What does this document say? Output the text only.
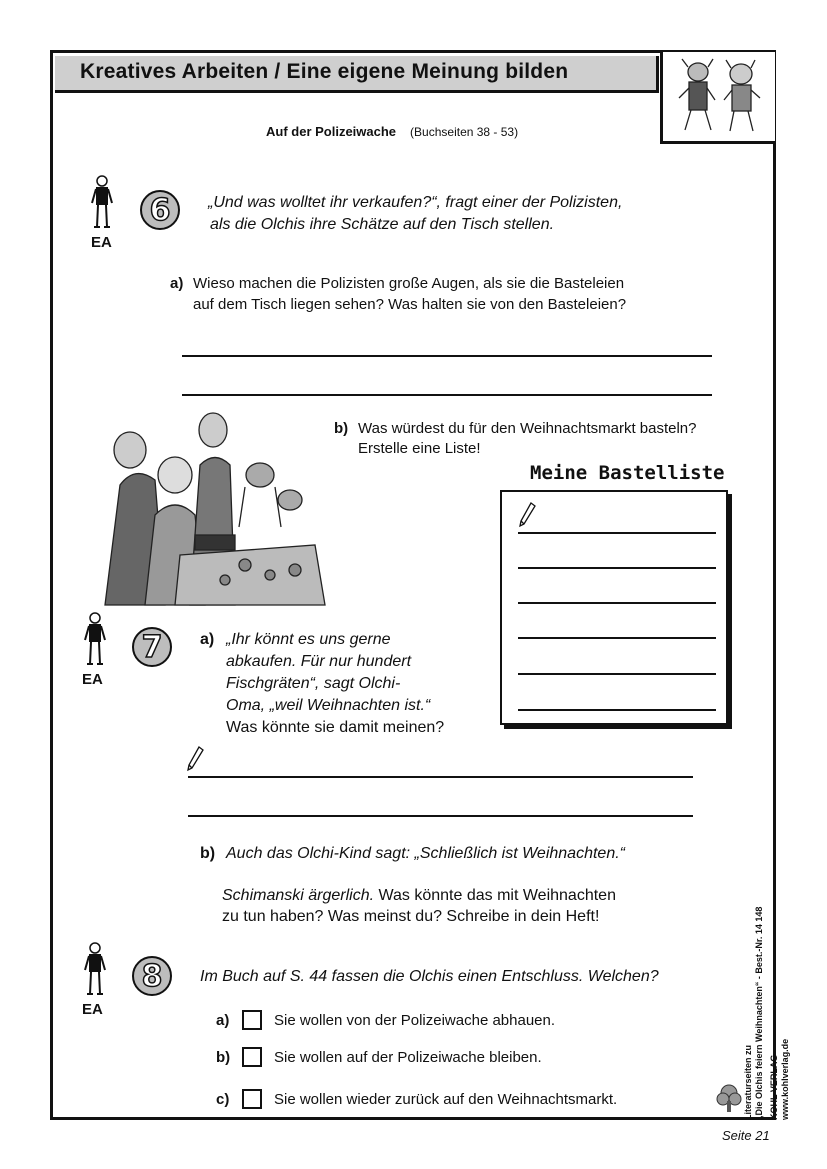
Kreatives Arbeiten / Eine eigene Meinung bilden
Auf der Polizeiwache (Buchseiten 38 - 53)
EA
6	„Und was wolltet ihr verkaufen?“, fragt einer der Polizisten,
als die Olchis ihre Schätze auf den Tisch stellen.
a) Wieso machen die Polizisten große Augen, als sie die Basteleien
auf dem Tisch liegen sehen? Was halten sie von den Basteleien?
b) Was würdest du für den Weihnachtsmarkt basteln?
Erstelle eine Liste!
Meine Bastelliste
EA
7	a) „Ihr könnt es uns gerne
abkaufen. Für nur hundert
Fischgräten“, sagt Olchi-
Oma, „weil Weihnachten ist.“
Was könnte sie damit meinen?
b) Auch das Olchi-Kind sagt: „Schließlich ist Weihnachten.“
Schimanski ärgerlich. Was könnte das mit Weihnachten
zu tun haben? Was meinst du? Schreibe in dein Heft!
EA
8	Im Buch auf S. 44 fassen die Olchis einen Entschluss. Welchen?
a)	Sie wollen von der Polizeiwache abhauen.
b)	Sie wollen auf der Polizeiwache bleiben.
c)	Sie wollen wieder zurück auf den Weihnachtsmarkt.	Literaturseiten zu „Die Olchis feiern Weihnachten“ - Best.-Nr. 14 148 KOHL VERLAG www.kohlverlag.de
Seite 21
